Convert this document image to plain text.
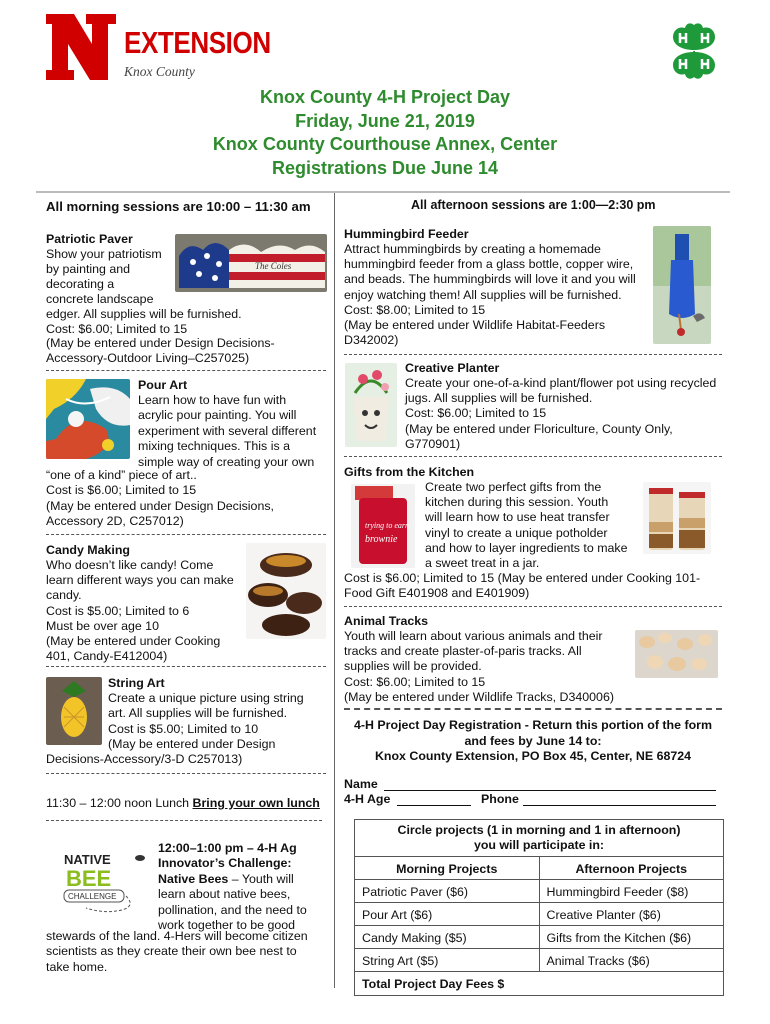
EXTENSION
Knox County
Knox County 4-H Project Day
Friday, June 21, 2019
Knox County Courthouse Annex, Center
Registrations Due June 14
All morning sessions are 10:00 – 11:30 am
Patriotic Paver
Show your patriotism
by painting and
decorating a
concrete landscape
edger. All supplies will be furnished.
Cost: $6.00; Limited to 15
(May be entered under Design Decisions-
Accessory-Outdoor Living–C257025)
The Coles
Pour Art
Learn how to have fun with
acrylic pour painting. You will
experiment with several different
mixing techniques. This is a
simple way of creating your own
“one of a kind” piece of art..
Cost is $6.00; Limited to 15
(May be entered under Design Decisions,
Accessory 2D, C257012)
Candy Making
Who doesn’t like candy! Come
learn different ways you can make
candy.
Cost is $5.00; Limited to 6
Must be over age 10
(May be entered under Cooking
401, Candy-E412004)
String Art
Create a unique picture using string
art. All supplies will be furnished.
Cost is $5.00; Limited to 10
(May be entered under Design
Decisions-Accessory/3-D C257013)
11:30 – 12:00 noon Lunch Bring your own lunch
NATIVE
BEE
CHALLENGE
12:00–1:00 pm – 4-H Ag
Innovator’s Challenge:
Native Bees – Youth will
learn about native bees,
pollination, and the need to
work together to be good
stewards of the land. 4-Hers will become citizen
scientists as they create their own bee nest to
take home.
All afternoon sessions are 1:00—2:30 pm
Hummingbird Feeder
Attract hummingbirds by creating a homemade
hummingbird feeder from a glass bottle, copper wire,
and beads. The hummingbirds will love it and you will
enjoy watching them! All supplies will be furnished.
Cost: $8.00; Limited to 15
(May be entered under Wildlife Habitat-Feeders
D342002)
Creative Planter
Create your one-of-a-kind plant/flower pot using recycled
jugs. All supplies will be furnished.
Cost: $6.00; Limited to 15
(May be entered under Floriculture, County Only,
G770901)
Gifts from the Kitchen
trying to earn
brownie
Create two perfect gifts from the
kitchen during this session. Youth
will learn how to use heat transfer
vinyl to create a unique potholder
and how to layer ingredients to make
a sweet treat in a jar.
Cost is $6.00; Limited to 15 (May be entered under Cooking 101-
Food Gift E401908 and E401909)
Animal Tracks
Youth will learn about various animals and their
tracks and create plaster-of-paris tracks. All
supplies will be provided.
Cost: $6.00; Limited to 15
(May be entered under Wildlife Tracks, D340006)
4-H Project Day Registration - Return this portion of the form
and fees by June 14 to:
Knox County Extension, PO Box 45, Center, NE 68724
Name
4-H Age	Phone
Circle projects (1 in morning and 1 in afternoon)
you will participate in:
Morning Projects	Afternoon Projects
Patriotic Paver ($6)	Hummingbird Feeder ($8)
Pour Art ($6)	Creative Planter ($6)
Candy Making ($5)	Gifts from the Kitchen ($6)
String Art ($5)	Animal Tracks ($6)
Total Project Day Fees $
